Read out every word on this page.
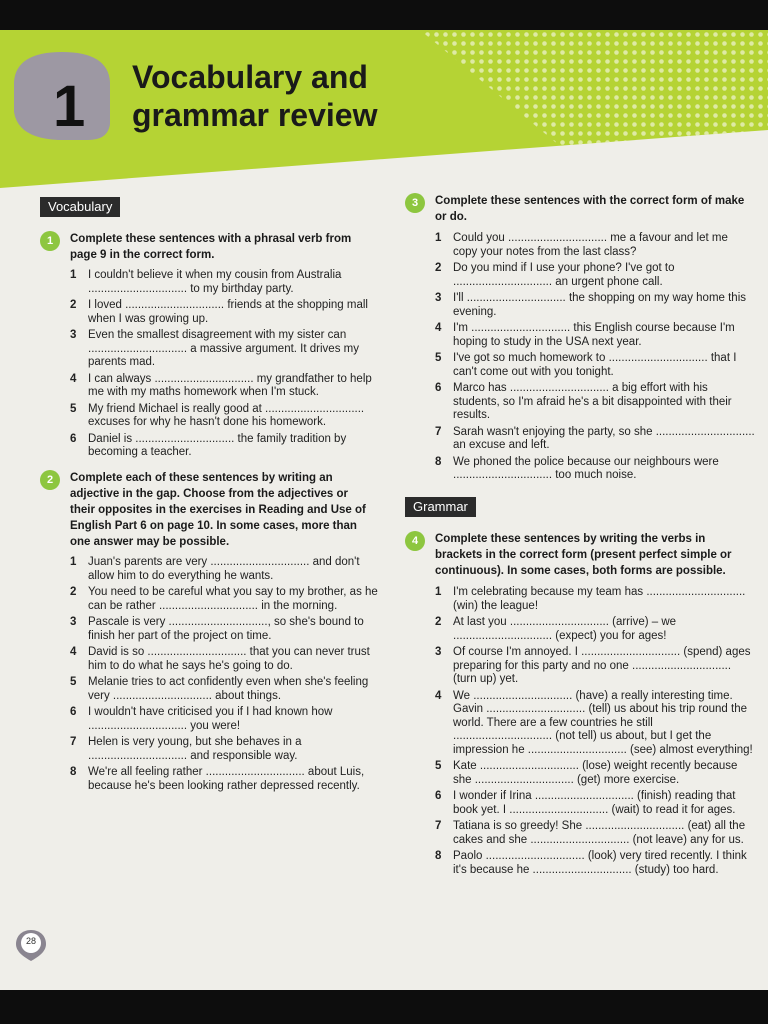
1 Vocabulary and
grammar review
Vocabulary
1	Complete these sentences with a phrasal verb from page 9 in the correct form.
1 I couldn't believe it when my cousin from Australia ............................... to my birthday party.
2 I loved ............................... friends at the shopping mall when I was growing up.
3 Even the smallest disagreement with my sister can ............................... a massive argument. It drives my parents mad.
4 I can always ............................... my grandfather to help me with my maths homework when I'm stuck.
5 My friend Michael is really good at ............................... excuses for why he hasn't done his homework.
6 Daniel is ............................... the family tradition by becoming a teacher.
2	Complete each of these sentences by writing an adjective in the gap. Choose from the adjectives or their opposites in the exercises in Reading and Use of English Part 6 on page 10. In some cases, more than one answer may be possible.
1 Juan's parents are very ............................... and don't allow him to do everything he wants.
2 You need to be careful what you say to my brother, as he can be rather ............................... in the morning.
3 Pascale is very ..............................., so she's bound to finish her part of the project on time.
4 David is so ............................... that you can never trust him to do what he says he's going to do.
5 Melanie tries to act confidently even when she's feeling very ............................... about things.
6 I wouldn't have criticised you if I had known how ............................... you were!
7 Helen is very young, but she behaves in a ............................... and responsible way.
8 We're all feeling rather ............................... about Luis, because he's been looking rather depressed recently.
3	Complete these sentences with the correct form of make or do.
1 Could you ............................... me a favour and let me copy your notes from the last class?
2 Do you mind if I use your phone? I've got to ............................... an urgent phone call.
3 I'll ............................... the shopping on my way home this evening.
4 I'm ............................... this English course because I'm hoping to study in the USA next year.
5 I've got so much homework to ............................... that I can't come out with you tonight.
6 Marco has ............................... a big effort with his students, so I'm afraid he's a bit disappointed with their results.
7 Sarah wasn't enjoying the party, so she ............................... an excuse and left.
8 We phoned the police because our neighbours were ............................... too much noise.
Grammar
4	Complete these sentences by writing the verbs in brackets in the correct form (present perfect simple or continuous). In some cases, both forms are possible.
1 I'm celebrating because my team has ............................... (win) the league!
2 At last you ............................... (arrive) – we ............................... (expect) you for ages!
3 Of course I'm annoyed. I ............................... (spend) ages preparing for this party and no one ............................... (turn up) yet.
4 We ............................... (have) a really interesting time. Gavin ............................... (tell) us about his trip round the world. There are a few countries he still ............................... (not tell) us about, but I get the impression he ............................... (see) almost everything!
5 Kate ............................... (lose) weight recently because she ............................... (get) more exercise.
6 I wonder if Irina ............................... (finish) reading that book yet. I ............................... (wait) to read it for ages.
7 Tatiana is so greedy! She ............................... (eat) all the cakes and she ............................... (not leave) any for us.
8 Paolo ............................... (look) very tired recently. I think it's because he ............................... (study) too hard.
28
